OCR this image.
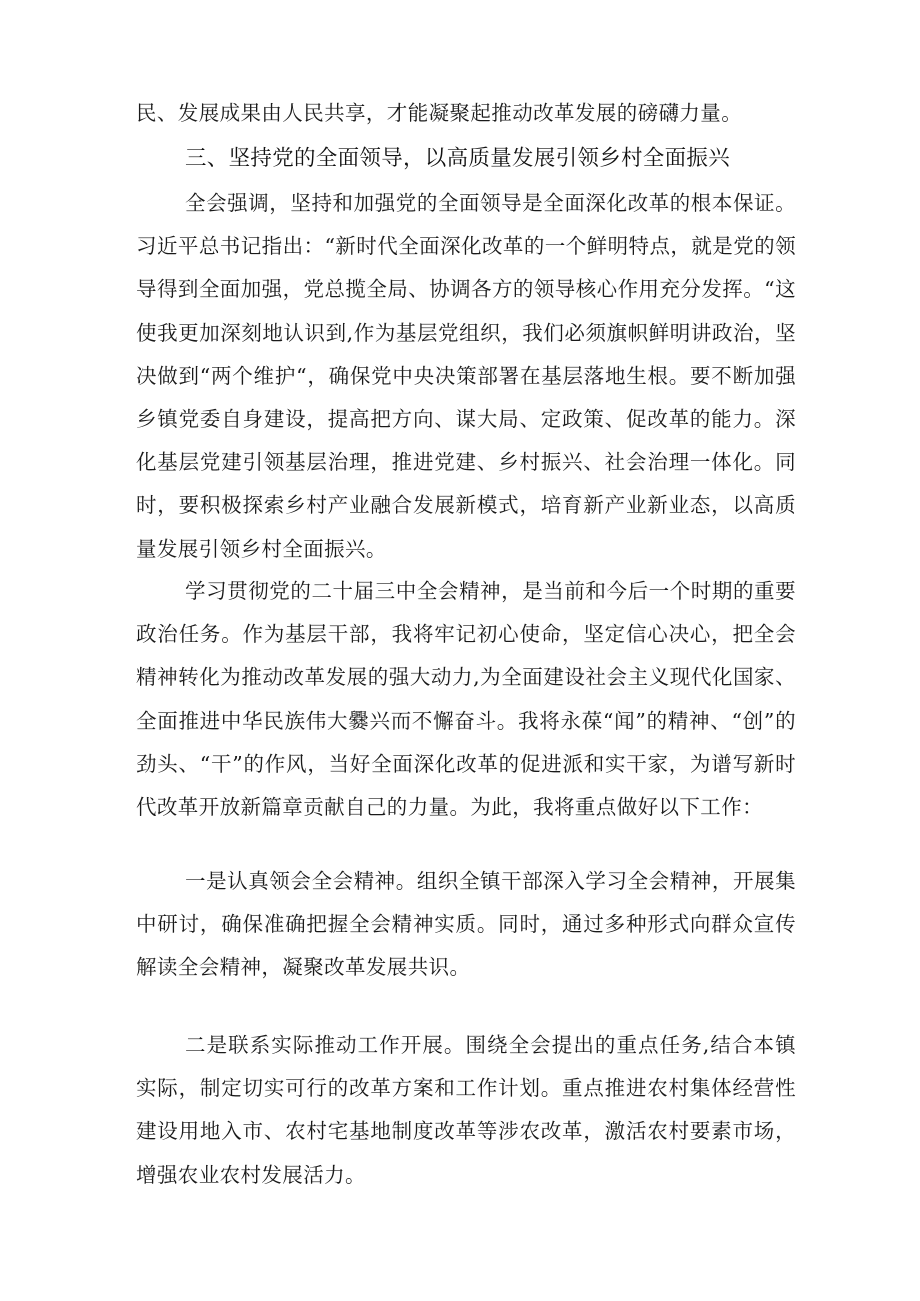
民、发展成果由人民共享，才能凝聚起推动改革发展的磅礴力量。

三、坚持党的全面领导，以高质量发展引领乡村全面振兴

全会强调，坚持和加强党的全面领导是全面深化改革的根本保证。习近平总书记指出：“新时代全面深化改革的一个鲜明特点，就是党的领导得到全面加强，党总揽全局、协调各方的领导核心作用充分发挥。“这使我更加深刻地认识到,作为基层党组织，我们必须旗帜鲜明讲政治，坚决做到“两个维护“，确保党中央决策部署在基层落地生根。要不断加强乡镇党委自身建设，提高把方向、谋大局、定政策、促改革的能力。深化基层党建引领基层治理，推进党建、乡村振兴、社会治理一体化。同时，要积极探索乡村产业融合发展新模式，培育新产业新业态，以高质量发展引领乡村全面振兴。

学习贯彻党的二十届三中全会精神，是当前和今后一个时期的重要政治任务。作为基层干部，我将牢记初心使命，坚定信心决心，把全会精神转化为推动改革发展的强大动力,为全面建设社会主义现代化国家、全面推进中华民族伟大爨兴而不懈奋斗。我将永葆“闻”的精神、“创”的劲头、“干”的作风，当好全面深化改革的促进派和实干家，为谱写新时代改革开放新篇章贡献自己的力量。为此，我将重点做好以下工作：

一是认真领会全会精神。组织全镇干部深入学习全会精神，开展集中研讨，确保准确把握全会精神实质。同时，通过多种形式向群众宣传解读全会精神，凝聚改革发展共识。

二是联系实际推动工作开展。围绕全会提出的重点任务,结合本镇实际，制定切实可行的改革方案和工作计划。重点推进农村集体经营性建设用地入市、农村宅基地制度改革等涉农改革，激活农村要素市场，增强农业农村发展活力。
